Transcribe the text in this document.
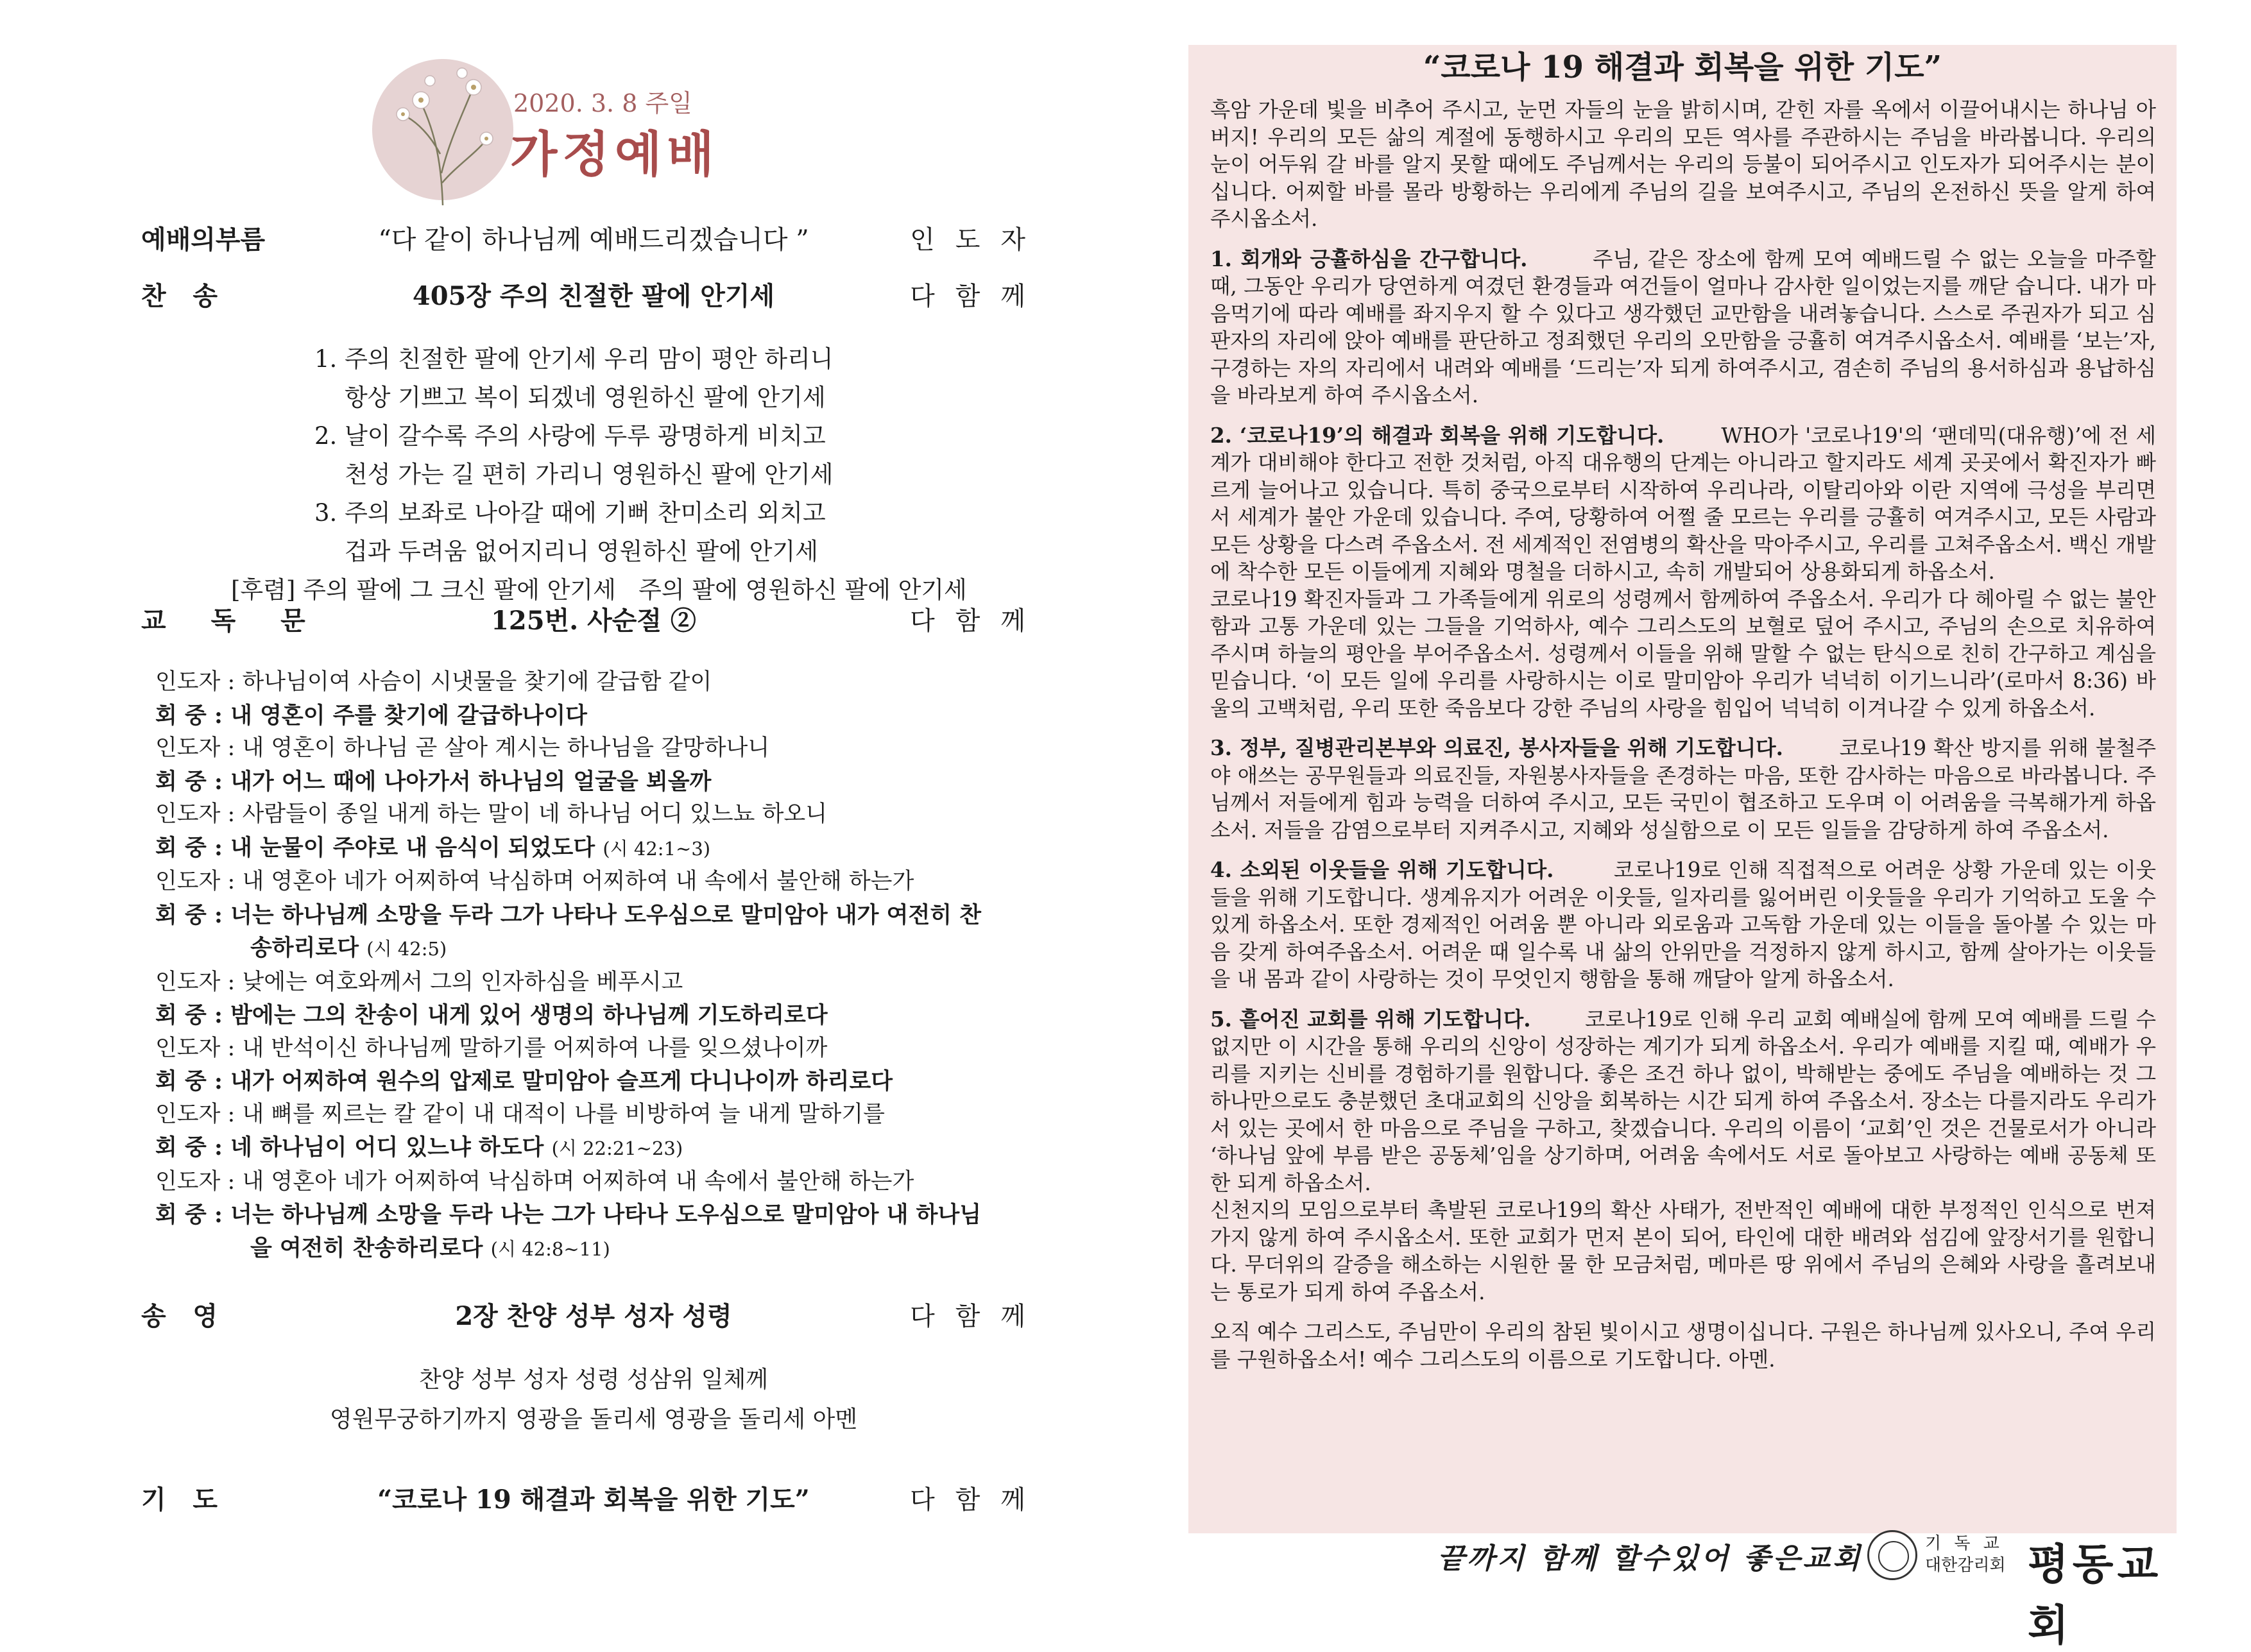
2020. 3. 8 주일
가정예배
예배의부름	“다 같이 하나님께 예배드리겠습니다 ”	인도자
찬   송	405장 주의 친절한 팔에 안기세	다함께
1. 주의 친절한 팔에 안기세 우리 맘이 평안 하리니
항상 기쁘고 복이 되겠네 영원하신 팔에 안기세
2. 날이 갈수록 주의 사랑에 두루 광명하게 비치고
천성 가는 길 편히 가리니 영원하신 팔에 안기세
3. 주의 보좌로 나아갈 때에 기뻐 찬미소리 외치고
겁과 두려움 없어지리니 영원하신 팔에 안기세
[후렴] 주의 팔에 그 크신 팔에 안기세   주의 팔에 영원하신 팔에 안기세
교 독 문	125번. 사순절 ②	다함께
인도자 : 하나님이여 사슴이 시냇물을 찾기에 갈급함 같이
회 중 : 내 영혼이 주를 찾기에 갈급하나이다
인도자 : 내 영혼이 하나님 곧 살아 계시는 하나님을 갈망하나니
회 중 : 내가 어느 때에 나아가서 하나님의 얼굴을 뵈올까
인도자 : 사람들이 종일 내게 하는 말이 네 하나님 어디 있느뇨 하오니
회 중 : 내 눈물이 주야로 내 음식이 되었도다 (시 42:1~3)
인도자 : 내 영혼아 네가 어찌하여 낙심하며 어찌하여 내 속에서 불안해 하는가
회 중 : 너는 하나님께 소망을 두라 그가 나타나 도우심으로 말미암아 내가 여전히 찬
송하리로다 (시 42:5)
인도자 : 낮에는 여호와께서 그의 인자하심을 베푸시고
회 중 : 밤에는 그의 찬송이 내게 있어 생명의 하나님께 기도하리로다
인도자 : 내 반석이신 하나님께 말하기를 어찌하여 나를 잊으셨나이까
회 중 : 내가 어찌하여 원수의 압제로 말미암아 슬프게 다니나이까 하리로다
인도자 : 내 뼈를 찌르는 칼 같이 내 대적이 나를 비방하여 늘 내게 말하기를
회 중 : 네 하나님이 어디 있느냐 하도다 (시 22:21~23)
인도자 : 내 영혼아 네가 어찌하여 낙심하며 어찌하여 내 속에서 불안해 하는가
회 중 : 너는 하나님께 소망을 두라 나는 그가 나타나 도우심으로 말미암아 내 하나님
을 여전히 찬송하리로다 (시 42:8~11)
송   영	2장 찬양 성부 성자 성령	다함께
찬양 성부 성자 성령 성삼위 일체께
영원무궁하기까지 영광을 돌리세 영광을 돌리세 아멘
기   도	“코로나 19 해결과 회복을 위한 기도”	다함께
“코로나 19 해결과 회복을 위한 기도”

흑암 가운데 빛을 비추어 주시고, 눈먼 자들의 눈을 밝히시며, 갇힌 자를 옥에서 이끌어내시는 하나님 아버지! 우리의 모든 삶의 계절에 동행하시고 우리의 모든 역사를 주관하시는 주님을 바라봅니다. 우리의 눈이 어두워 갈 바를 알지 못할 때에도 주님께서는 우리의 등불이 되어주시고 인도자가 되어주시는 분이십니다. 어찌할 바를 몰라 방황하는 우리에게 주님의 길을 보여주시고, 주님의 온전하신 뜻을 알게 하여 주시옵소서.

1. 회개와 긍휼하심을 간구합니다.	주님, 같은 장소에 함께 모여 예배드릴 수 없는 오늘을 마주할 때, 그동안 우리가 당연하게 여겼던 환경들과 여건들이 얼마나 감사한 일이었는지를 깨닫 습니다. 내가 마음먹기에 따라 예배를 좌지우지 할 수 있다고 생각했던 교만함을 내려놓습니다. 스스로 주권자가 되고 심판자의 자리에 앉아 예배를 판단하고 정죄했던 우리의 오만함을 긍휼히 여겨주시옵소서. 예배를 ‘보는’자, 구경하는 자의 자리에서 내려와 예배를 ‘드리는’자 되게 하여주시고, 겸손히 주님의 용서하심과 용납하심을 바라보게 하여 주시옵소서.

2. ‘코로나19’의 해결과 회복을 위해 기도합니다.	WHO가 '코로나19'의 ‘팬데믹(대유행)’에 전 세계가 대비해야 한다고 전한 것처럼, 아직 대유행의 단계는 아니라고 할지라도 세계 곳곳에서 확진자가 빠르게 늘어나고 있습니다. 특히 중국으로부터 시작하여 우리나라, 이탈리아와 이란 지역에 극성을 부리면서 세계가 불안 가운데 있습니다. 주여, 당황하여 어쩔 줄 모르는 우리를 긍휼히 여겨주시고, 모든 사람과 모든 상황을 다스려 주옵소서. 전 세계적인 전염병의 확산을 막아주시고, 우리를 고쳐주옵소서. 백신 개발에 착수한 모든 이들에게 지혜와 명철을 더하시고, 속히 개발되어 상용화되게 하옵소서.

코로나19 확진자들과 그 가족들에게 위로의 성령께서 함께하여 주옵소서. 우리가 다 헤아릴 수 없는 불안함과 고통 가운데 있는 그들을 기억하사, 예수 그리스도의 보혈로 덮어 주시고, 주님의 손으로 치유하여 주시며 하늘의 평안을 부어주옵소서. 성령께서 이들을 위해 말할 수 없는 탄식으로 친히 간구하고 계심을 믿습니다. ‘이 모든 일에 우리를 사랑하시는 이로 말미암아 우리가 넉넉히 이기느니라’(로마서 8:36) 바울의 고백처럼, 우리 또한 죽음보다 강한 주님의 사랑을 힘입어 넉넉히 이겨나갈 수 있게 하옵소서.

3. 정부, 질병관리본부와 의료진, 봉사자들을 위해 기도합니다.	코로나19 확산 방지를 위해 불철주야 애쓰는 공무원들과 의료진들, 자원봉사자들을 존경하는 마음, 또한 감사하는 마음으로 바라봅니다. 주님께서 저들에게 힘과 능력을 더하여 주시고, 모든 국민이 협조하고 도우며 이 어려움을 극복해가게 하옵소서. 저들을 감염으로부터 지켜주시고, 지혜와 성실함으로 이 모든 일들을 감당하게 하여 주옵소서.

4. 소외된 이웃들을 위해 기도합니다.	코로나19로 인해 직접적으로 어려운 상황 가운데 있는 이웃들을 위해 기도합니다. 생계유지가 어려운 이웃들, 일자리를 잃어버린 이웃들을 우리가 기억하고 도울 수 있게 하옵소서. 또한 경제적인 어려움 뿐 아니라 외로움과 고독함 가운데 있는 이들을 돌아볼 수 있는 마음 갖게 하여주옵소서. 어려운 때 일수록 내 삶의 안위만을 걱정하지 않게 하시고, 함께 살아가는 이웃들을 내 몸과 같이 사랑하는 것이 무엇인지 행함을 통해 깨달아 알게 하옵소서.

5. 흩어진 교회를 위해 기도합니다.	코로나19로 인해 우리 교회 예배실에 함께 모여 예배를 드릴 수 없지만 이 시간을 통해 우리의 신앙이 성장하는 계기가 되게 하옵소서. 우리가 예배를 지킬 때, 예배가 우리를 지키는 신비를 경험하기를 원합니다. 좋은 조건 하나 없이, 박해받는 중에도 주님을 예배하는 것 그 하나만으로도 충분했던 초대교회의 신앙을 회복하는 시간 되게 하여 주옵소서. 장소는 다를지라도 우리가 서 있는 곳에서 한 마음으로 주님을 구하고, 찾겠습니다. 우리의 이름이 ‘교회’인 것은 건물로서가 아니라 ‘하나님 앞에 부름 받은 공동체’임을 상기하며, 어려움 속에서도 서로 돌아보고 사랑하는 예배 공동체 또한 되게 하옵소서.

신천지의 모임으로부터 촉발된 코로나19의 확산 사태가, 전반적인 예배에 대한 부정적인 인식으로 번져가지 않게 하여 주시옵소서. 또한 교회가 먼저 본이 되어, 타인에 대한 배려와 섬김에 앞장서기를 원합니다. 무더위의 갈증을 해소하는 시원한 물 한 모금처럼, 메마른 땅 위에서 주님의 은혜와 사랑을 흘려보내는 통로가 되게 하여 주옵소서.

오직 예수 그리스도, 주님만이 우리의 참된 빛이시고 생명이십니다. 구원은 하나님께 있사오니, 주여 우리를 구원하옵소서! 예수 그리스도의 이름으로 기도합니다. 아멘.

끝까지 함께 할수있어 좋은교회	기 독 교
대한감리회 평동교회
